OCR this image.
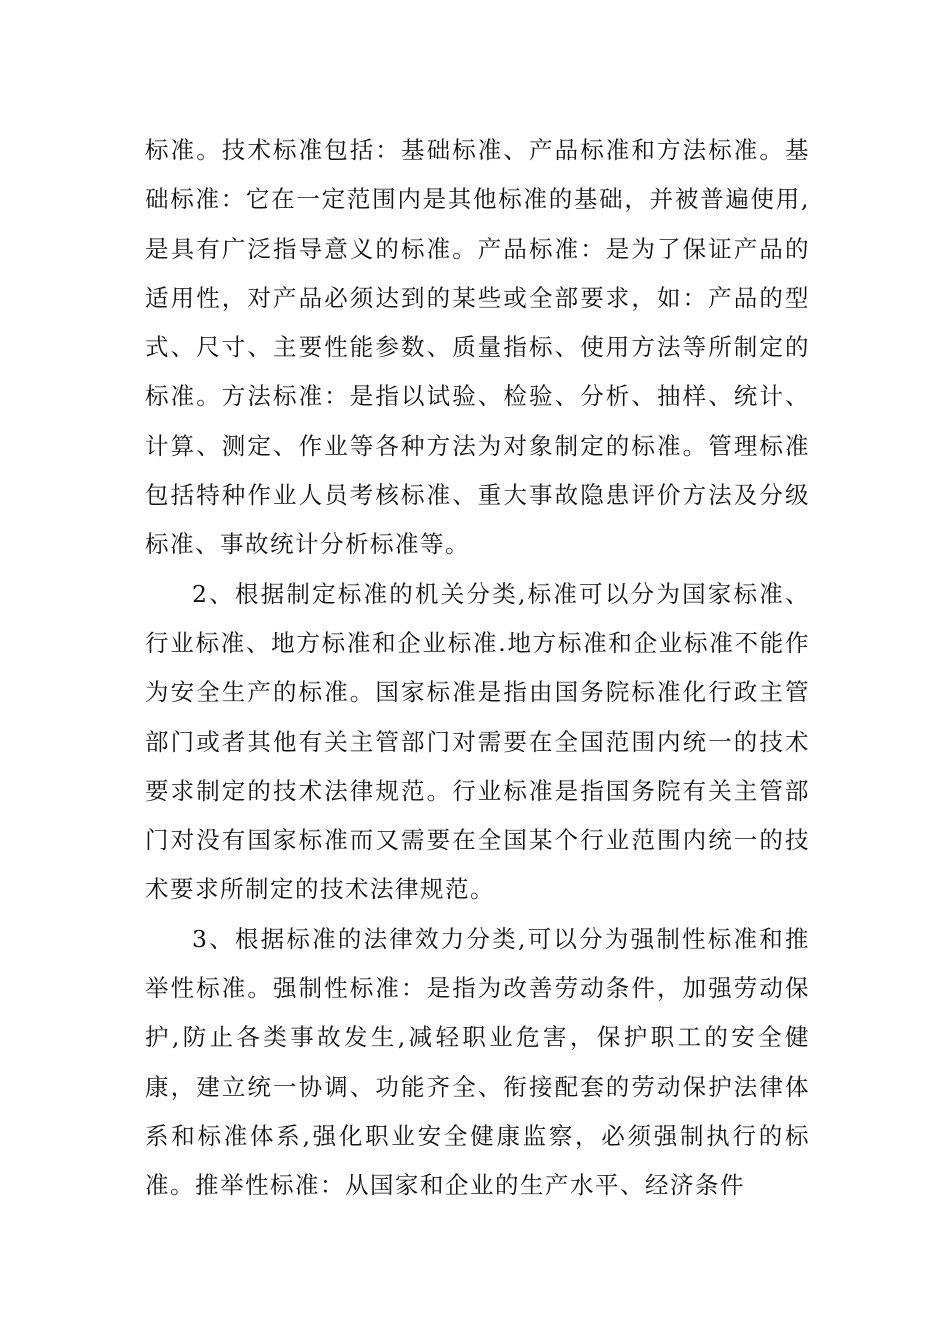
标准。技术标准包括：基础标准、产品标准和方法标准。基础标准：它在一定范围内是其他标准的基础，并被普遍使用,是具有广泛指导意义的标准。产品标准：是为了保证产品的适用性，对产品必须达到的某些或全部要求，如：产品的型式、尺寸、主要性能参数、质量指标、使用方法等所制定的标准。方法标准：是指以试验、检验、分析、抽样、统计、计算、测定、作业等各种方法为对象制定的标准。管理标准包括特种作业人员考核标准、重大事故隐患评价方法及分级标准、事故统计分析标准等。

2、根据制定标准的机关分类,标准可以分为国家标准、行业标准、地方标准和企业标准.地方标准和企业标准不能作为安全生产的标准。国家标准是指由国务院标准化行政主管部门或者其他有关主管部门对需要在全国范围内统一的技术要求制定的技术法律规范。行业标准是指国务院有关主管部门对没有国家标准而又需要在全国某个行业范围内统一的技术要求所制定的技术法律规范。

3、根据标准的法律效力分类,可以分为强制性标准和推举性标准。强制性标准：是指为改善劳动条件，加强劳动保护,防止各类事故发生,减轻职业危害，保护职工的安全健康，建立统一协调、功能齐全、衔接配套的劳动保护法律体系和标准体系,强化职业安全健康监察，必须强制执行的标准。推举性标准：从国家和企业的生产水平、经济条件
